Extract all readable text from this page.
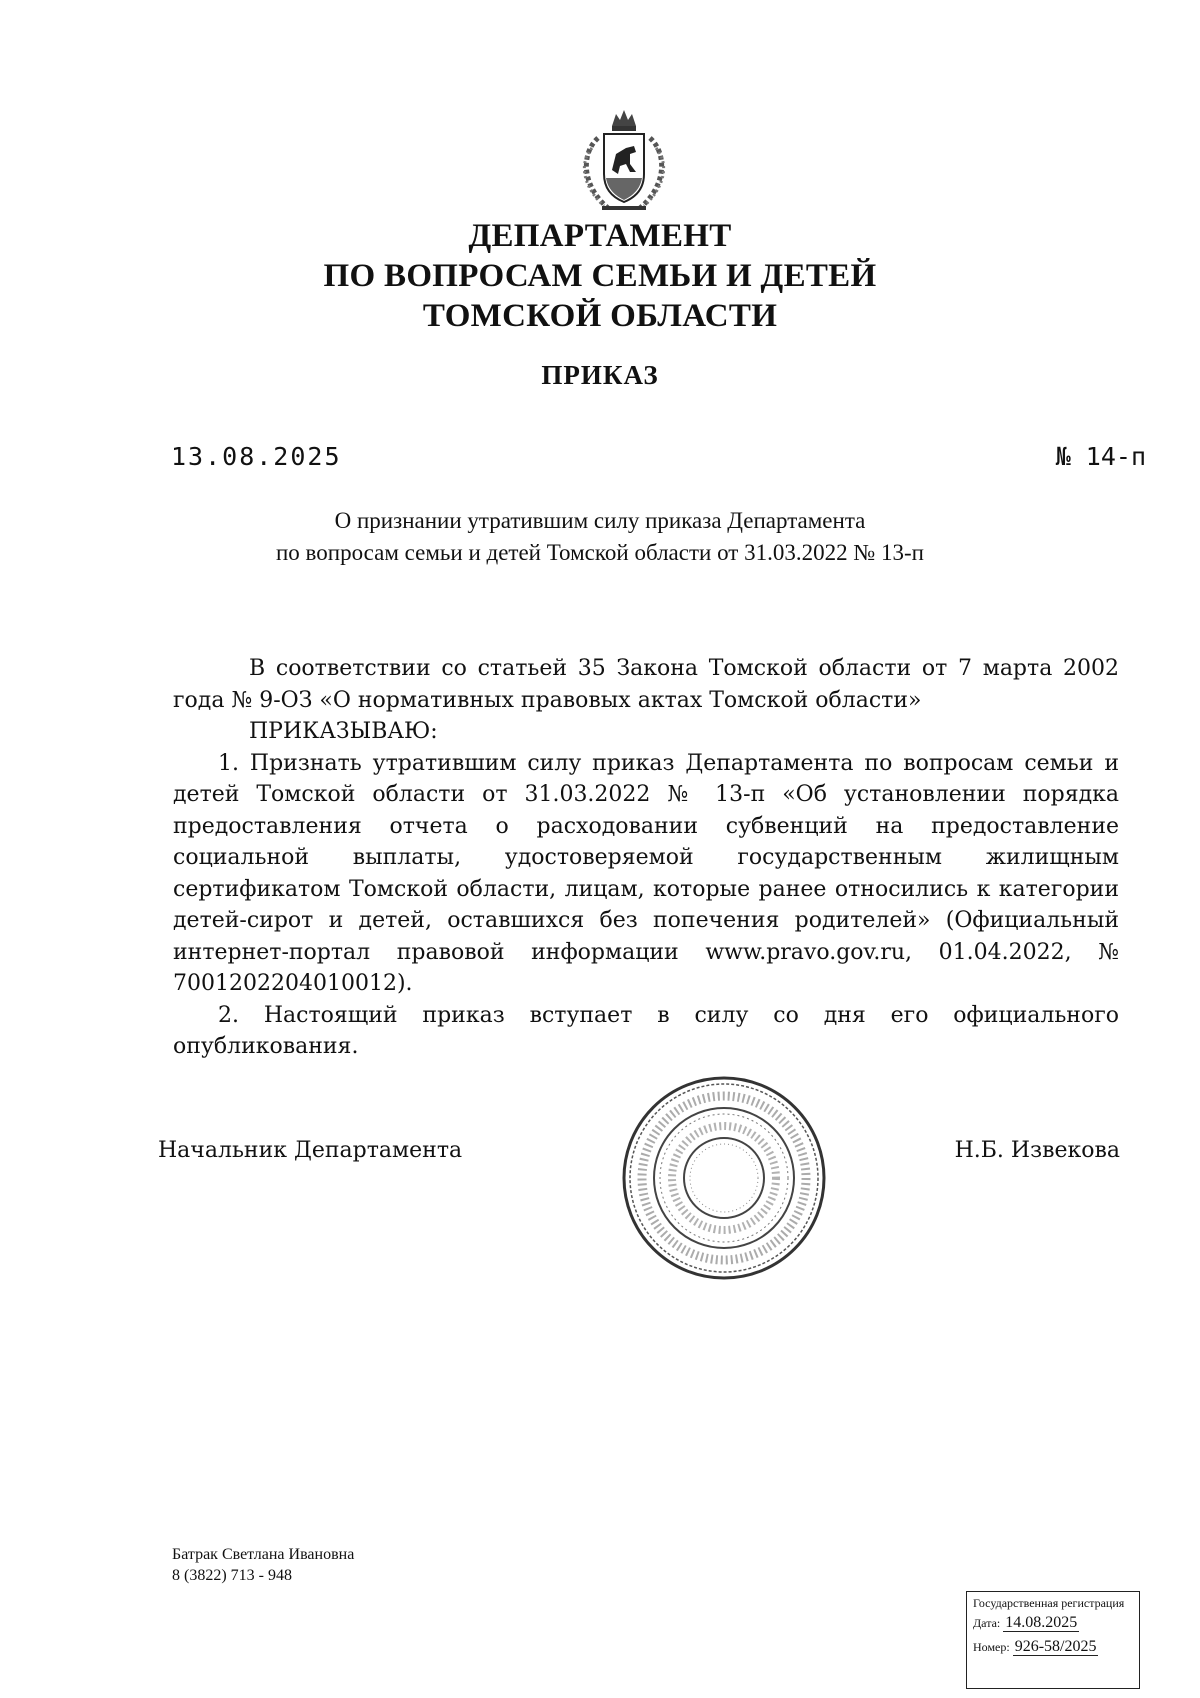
ДЕПАРТАМЕНТ
ПО ВОПРОСАМ СЕМЬИ И ДЕТЕЙ
ТОМСКОЙ ОБЛАСТИ
ПРИКАЗ
13.08.2025	№ 14-п
О признании утратившим силу приказа Департамента
по вопросам семьи и детей Томской области от 31.03.2022 № 13-п

В соответствии со статьей 35 Закона Томской области от 7 марта 2002 года № 9-ОЗ «О нормативных правовых актах Томской области»

ПРИКАЗЫВАЮ:

1. Признать утратившим силу приказ Департамента по вопросам семьи и детей Томской области от 31.03.2022 № 13-п «Об установлении порядка предоставления отчета о расходовании субвенций на предоставление социальной выплаты, удостоверяемой государственным жилищным сертификатом Томской области, лицам, которые ранее относились к категории детей-сирот и детей, оставшихся без попечения родителей» (Официальный интернет-портал правовой информации www.pravo.gov.ru, 01.04.2022, № 7001202204010012).

2. Настоящий приказ вступает в силу со дня его официального опубликования.

Начальник Департамента	Н.Б. Извекова
Батрак Светлана Ивановна
8 (3822) 713 - 948
Государственная регистрация
Дата: 14.08.2025
Номер: 926-58/2025
